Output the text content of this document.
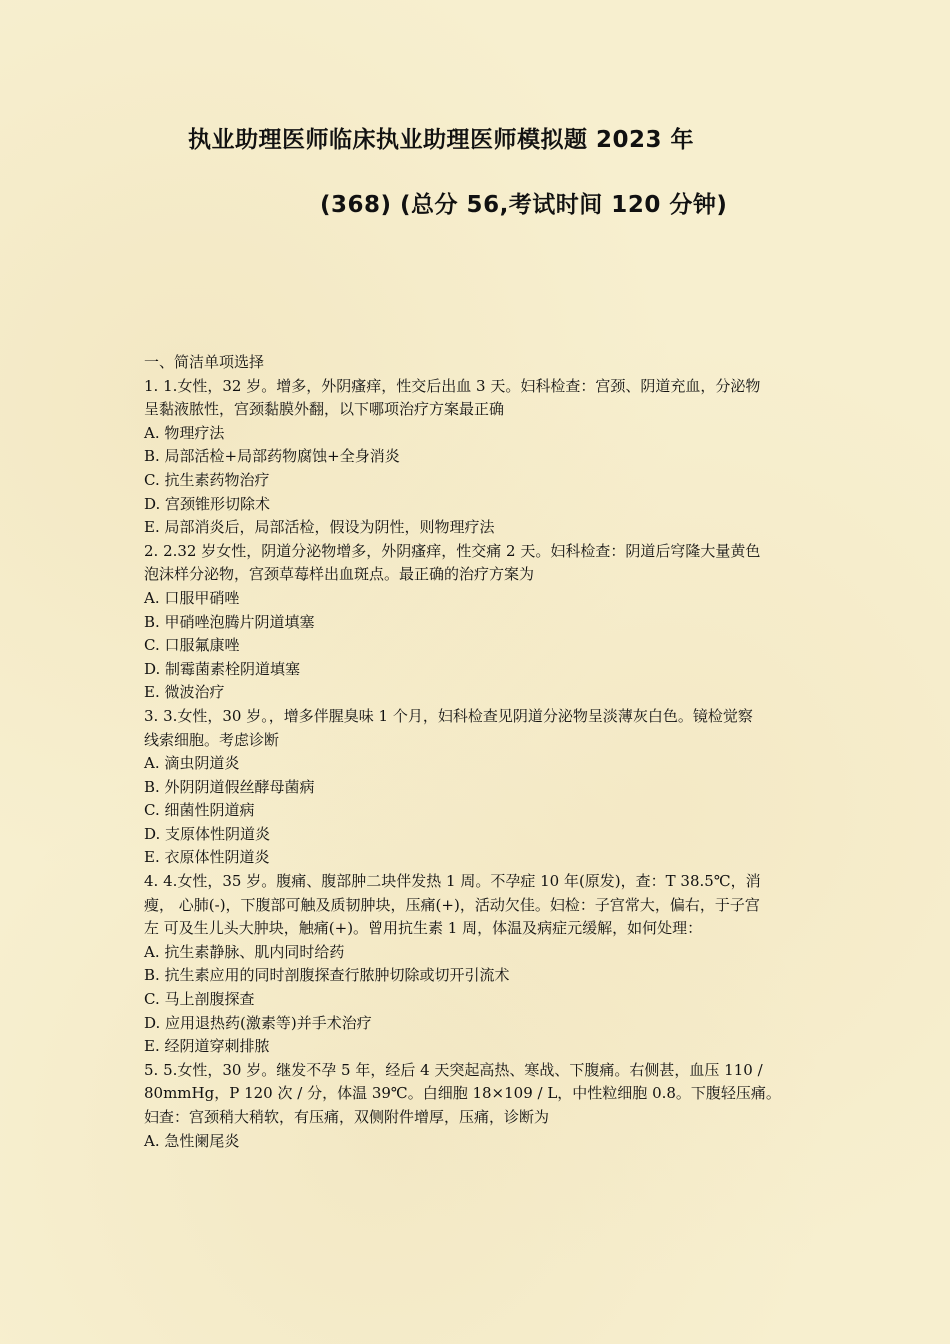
执业助理医师临床执业助理医师模拟题 2023 年
(368) (总分 56,考试时间 120 分钟)
一、简洁单项选择
1. 1.女性，32 岁。增多，外阴瘙痒，性交后出血 3 天。妇科检查：宫颈、阴道充血，分泌物
呈黏液脓性，宫颈黏膜外翻，以下哪项治疗方案最正确
A. 物理疗法
B. 局部活检+局部药物腐蚀+全身消炎
C. 抗生素药物治疗
D. 宫颈锥形切除术
E. 局部消炎后，局部活检，假设为阴性，则物理疗法
2. 2.32 岁女性，阴道分泌物增多，外阴瘙痒，性交痛 2 天。妇科检查：阴道后穹隆大量黄色
泡沫样分泌物，宫颈草莓样出血斑点。最正确的治疗方案为
A. 口服甲硝唑
B. 甲硝唑泡腾片阴道填塞
C. 口服氟康唑
D. 制霉菌素栓阴道填塞
E. 微波治疗
3. 3.女性，30 岁。，增多伴腥臭味 1 个月，妇科检查见阴道分泌物呈淡薄灰白色。镜检觉察
线索细胞。考虑诊断
A. 滴虫阴道炎
B. 外阴阴道假丝酵母菌病
C. 细菌性阴道病
D. 支原体性阴道炎
E. 衣原体性阴道炎
4. 4.女性，35 岁。腹痛、腹部肿二块伴发热 1 周。不孕症 10 年(原发)，查：T 38.5℃，消
瘦， 心肺(-)，下腹部可触及质韧肿块，压痛(+)，活动欠佳。妇检：子宫常大，偏右，于子宫
左 可及生儿头大肿块，触痛(+)。曾用抗生素 1 周，体温及病症元缓解，如何处理：
A. 抗生素静脉、肌内同时给药
B. 抗生素应用的同时剖腹探查行脓肿切除或切开引流术
C. 马上剖腹探查
D. 应用退热药(激素等)并手术治疗
E. 经阴道穿刺排脓
5. 5.女性，30 岁。继发不孕 5 年，经后 4 天突起高热、寒战、下腹痛。右侧甚，血压 110 /
80mmHg，P 120 次 / 分，体温 39℃。白细胞 18×109 / L，中性粒细胞 0.8。下腹轻压痛。
妇查：宫颈稍大稍软，有压痛，双侧附件增厚，压痛，诊断为
A. 急性阑尾炎
